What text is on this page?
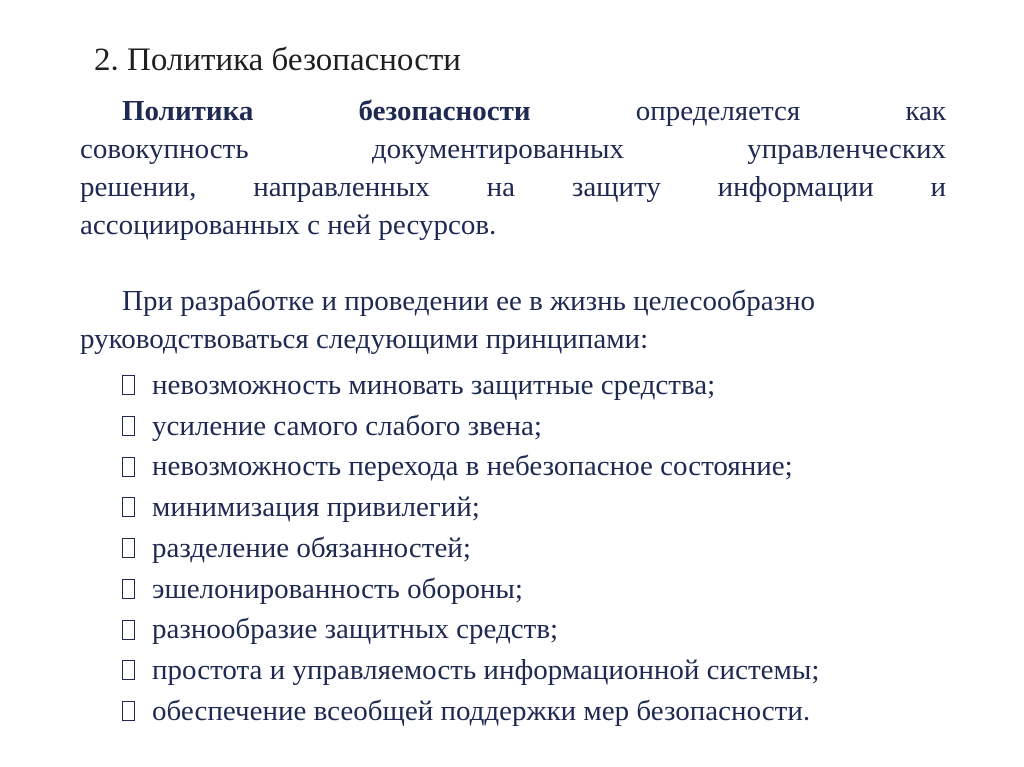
2. Политика безопасности
Политика	безопасности	определяется	как
совокупность	документированных	управленческих
решении, направленных на защиту информации и
ассоциированных с ней ресурсов.
При разработке и проведении ее в жизнь целесообразно
руководствоваться следующими принципами:
невозможность миновать защитные средства;
усиление самого слабого звена;
невозможность перехода в небезопасное состояние;
минимизация привилегий;
разделение обязанностей;
эшелонированность обороны;
разнообразие защитных средств;
простота и управляемость информационной системы;
обеспечение всеобщей поддержки мер безопасности.
